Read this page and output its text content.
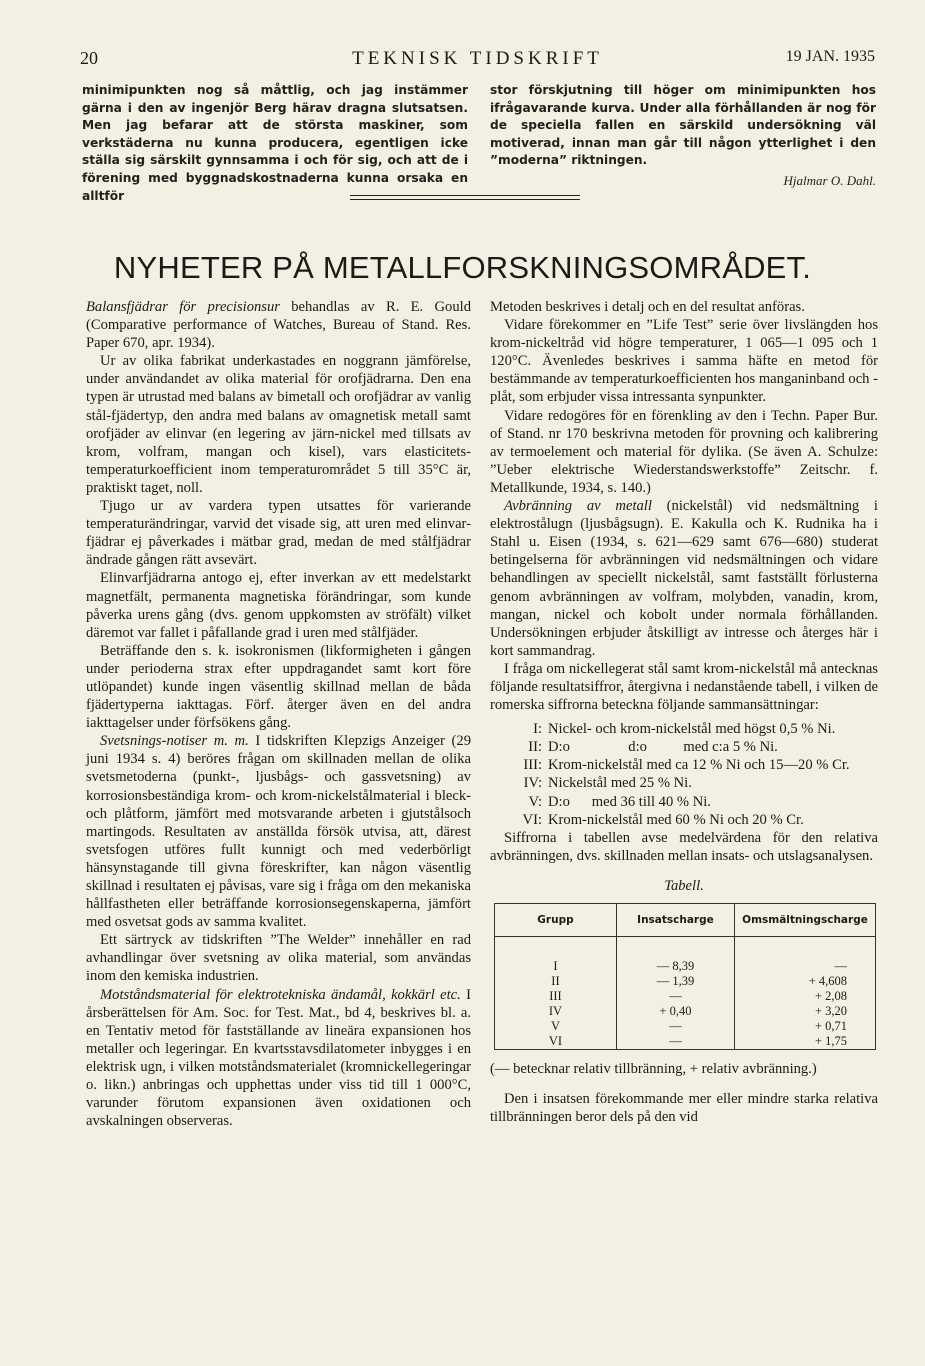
20	TEKNISK TIDSKRIFT	19 JAN. 1935

minimipunkten nog så måttlig, och jag instämmer gärna i den av ingenjör Berg härav dragna slutsatsen. Men jag befarar att de största maskiner, som verkstäderna nu kunna producera, egentligen icke ställa sig särskilt gynnsamma i och för sig, och att de i förening med byggnadskostnaderna kunna orsaka en alltför

stor förskjutning till höger om minimipunkten hos ifrågavarande kurva. Under alla förhållanden är nog för de speciella fallen en särskild undersökning väl motiverad, innan man går till någon ytterlighet i den ”moderna” riktningen.

Hjalmar O. Dahl.
NYHETER PÅ METALLFORSKNINGSOMRÅDET.

Balansfjädrar för precisionsur behandlas av R. E. Gould (Comparative performance of Watches, Bureau of Stand. Res. Paper 670, apr. 1934).

Ur av olika fabrikat underkastades en noggrann jämförelse, under användandet av olika material för orofjädrarna. Den ena typen är utrustad med balans av bimetall och orofjädrar av vanlig stål-fjädertyp, den andra med balans av omagnetisk metall samt orofjäder av elinvar (en legering av järn-nickel med tillsats av krom, volfram, mangan och kisel), vars elasticitets-temperaturkoefficient inom temperaturområdet 5 till 35°C är, praktiskt taget, noll.

Tjugo ur av vardera typen utsattes för varierande temperaturändringar, varvid det visade sig, att uren med elinvar-fjädrar ej påverkades i mätbar grad, medan de med stålfjädrar ändrade gången rätt avsevärt.

Elinvarfjädrarna antogo ej, efter inverkan av ett medelstarkt magnetfält, permanenta magnetiska förändringar, som kunde påverka urens gång (dvs. genom uppkomsten av ströfält) vilket däremot var fallet i påfallande grad i uren med stålfjäder.

Beträffande den s. k. isokronismen (likformigheten i gången under perioderna strax efter uppdragandet samt kort före utlöpandet) kunde ingen väsentlig skillnad mellan de båda fjädertyperna iakttagas. Förf. återger även en del andra iakttagelser under förfsökens gång.

Svetsnings-notiser m. m. I tidskriften Klepzigs Anzeiger (29 juni 1934 s. 4) beröres frågan om skillnaden mellan de olika svetsmetoderna (punkt-, ljusbågs- och gassvetsning) av korrosionsbeständiga krom- och krom-nickelstålmaterial i bleck- och plåtform, jämfört med motsvarande arbeten i gjutstålsoch martingods. Resultaten av anställda försök utvisa, att, därest svetsfogen utföres fullt kunnigt och med vederbörligt hänsynstagande till givna föreskrifter, kan någon väsentlig skillnad i resultaten ej påvisas, vare sig i fråga om den mekaniska hållfastheten eller beträffande korrosionsegenskaperna, jämfört med osvetsat gods av samma kvalitet.

Ett särtryck av tidskriften ”The Welder” innehåller en rad avhandlingar över svetsning av olika material, som användas inom den kemiska industrien.

Motståndsmaterial för elektrotekniska ändamål, kokkärl etc. I årsberättelsen för Am. Soc. for Test. Mat., bd 4, beskrives bl. a. en Tentativ metod för fastställande av lineära expansionen hos metaller och legeringar. En kvartsstavsdilatometer inbygges i en elektrisk ugn, i vilken motståndsmaterialet (kromnickellegeringar o. likn.) anbringas och upphettas under viss tid till 1 000°C, varunder förutom expansionen även oxidationen och avskalningen observeras.

Metoden beskrives i detalj och en del resultat anföras.

Vidare förekommer en ”Life Test” serie över livslängden hos krom-nickeltråd vid högre temperaturer, 1 065—1 095 och 1 120°C. Ävenledes beskrives i samma häfte en metod för bestämmande av temperaturkoefficienten hos manganinband och -plåt, som erbjuder vissa intressanta synpunkter.

Vidare redogöres för en förenkling av den i Techn. Paper Bur. of Stand. nr 170 beskrivna metoden för provning och kalibrering av termoelement och material för dylika. (Se även A. Schulze: ”Ueber elektrische Wiederstandswerkstoffe” Zeitschr. f. Metallkunde, 1934, s. 140.)

Avbränning av metall (nickelstål) vid nedsmältning i elektrostålugn (ljusbågsugn). E. Kakulla och K. Rudnika ha i Stahl u. Eisen (1934, s. 621—629 samt 676—680) studerat betingelserna för avbränningen vid nedsmältningen och vidare behandlingen av speciellt nickelstål, samt fastställt förlusterna genom avbränningen av volfram, molybden, vanadin, krom, mangan, nickel och kobolt under normala förhållanden. Undersökningen erbjuder åtskilligt av intresse och återges här i kort sammandrag.

I fråga om nickellegerat stål samt krom-nickelstål må antecknas följande resultatsiffror, återgivna i nedanstående tabell, i vilken de romerska siffrorna betecknа följande sammansättningar:

I: Nickel- och krom-nickelstål med högst 0,5 % Ni.
II: D:o                d:o          med c:a 5 % Ni.
III: Krom-nickelstål med ca 12 % Ni och 15—20 % Cr.
IV: Nickelstål med 25 % Ni.
V: D:o      med 36 till 40 % Ni.
VI: Krom-nickelstål med 60 % Ni och 20 % Cr.

Siffrorna i tabellen avse medelvärdena för den relativa avbränningen, dvs. skillnaden mellan insats- och utslagsanalysen.

Tabell.
Grupp	Insatscharge	Omsmältningscharge

I	— 8,39	—
II	— 1,39	+ 4,608
III	—	+ 2,08
IV	+ 0,40	+ 3,20
V	—	+ 0,71
VI	—	+ 1,75

(— betecknar relativ tillbränning, + relativ avbränning.)

Den i insatsen förekommande mer eller mindre starka relativa tillbränningen beror dels på den vid
